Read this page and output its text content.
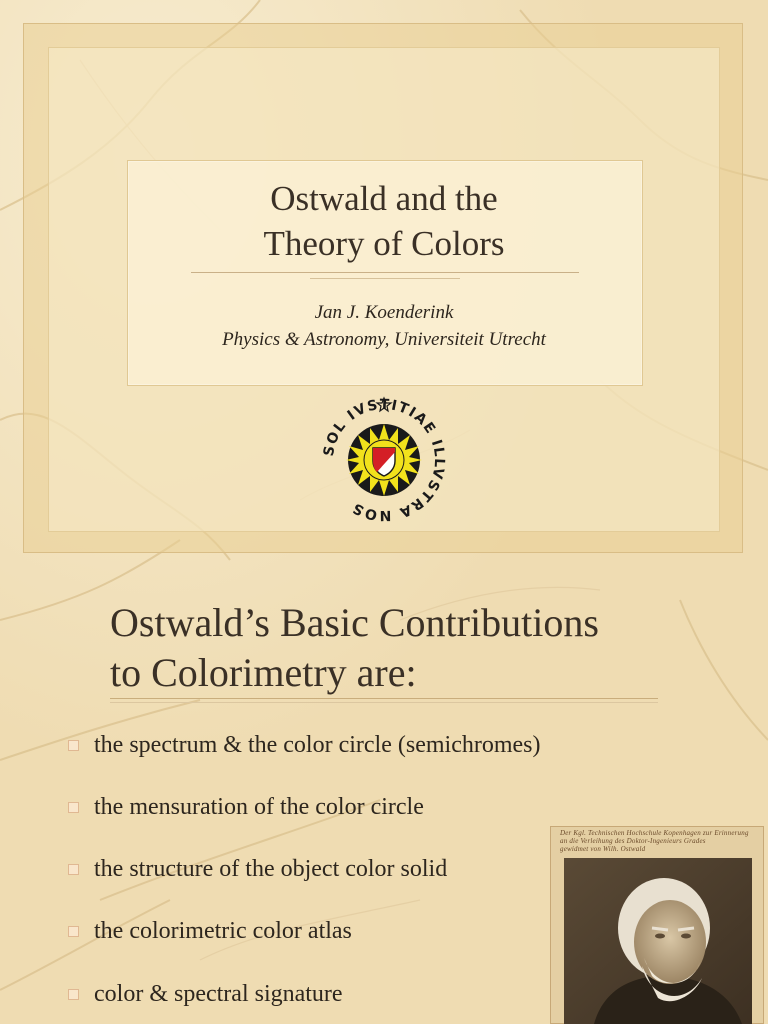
Ostwald and the
Theory of Colors
Jan J. Koenderink
Physics & Astronomy, Universiteit Utrecht
SOL IVSTITIAE ILLVSTRA NOS
Ostwald’s Basic Contributions
to Colorimetry are:
the spectrum & the color circle (semichromes)
the mensuration of the color circle
the structure of the object color solid
the colorimetric color atlas
color & spectral signature
Der Kgl. Technischen Hochschule Kopenhagen zur Erinnerung
an die Verleihung des Doktor-Ingenieurs Grades
gewidmet von Wilh. Ostwald
